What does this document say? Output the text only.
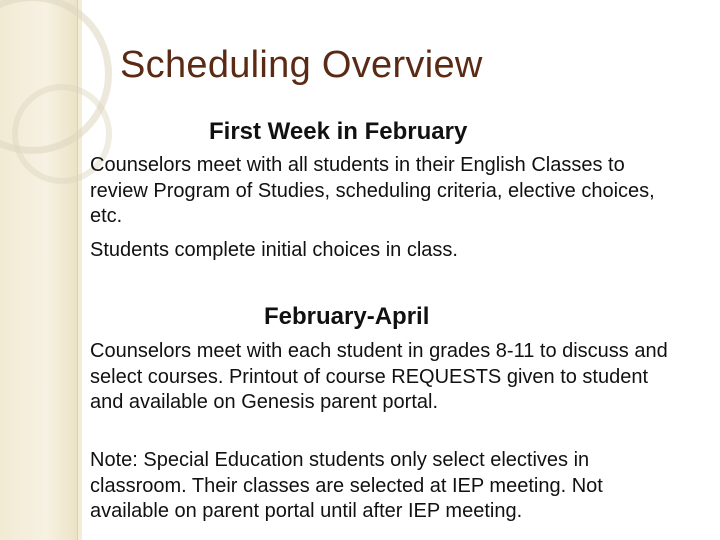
Scheduling Overview
First Week in February
Counselors meet with all students in their English Classes to review Program of Studies, scheduling criteria, elective choices, etc.
Students complete initial choices in class.
February-April
Counselors meet with each student in grades 8-11 to discuss and select courses. Printout of course REQUESTS given to student and available on Genesis parent portal.
Note: Special Education students only select electives in classroom. Their classes are selected at IEP meeting. Not available on parent portal until after IEP meeting.
